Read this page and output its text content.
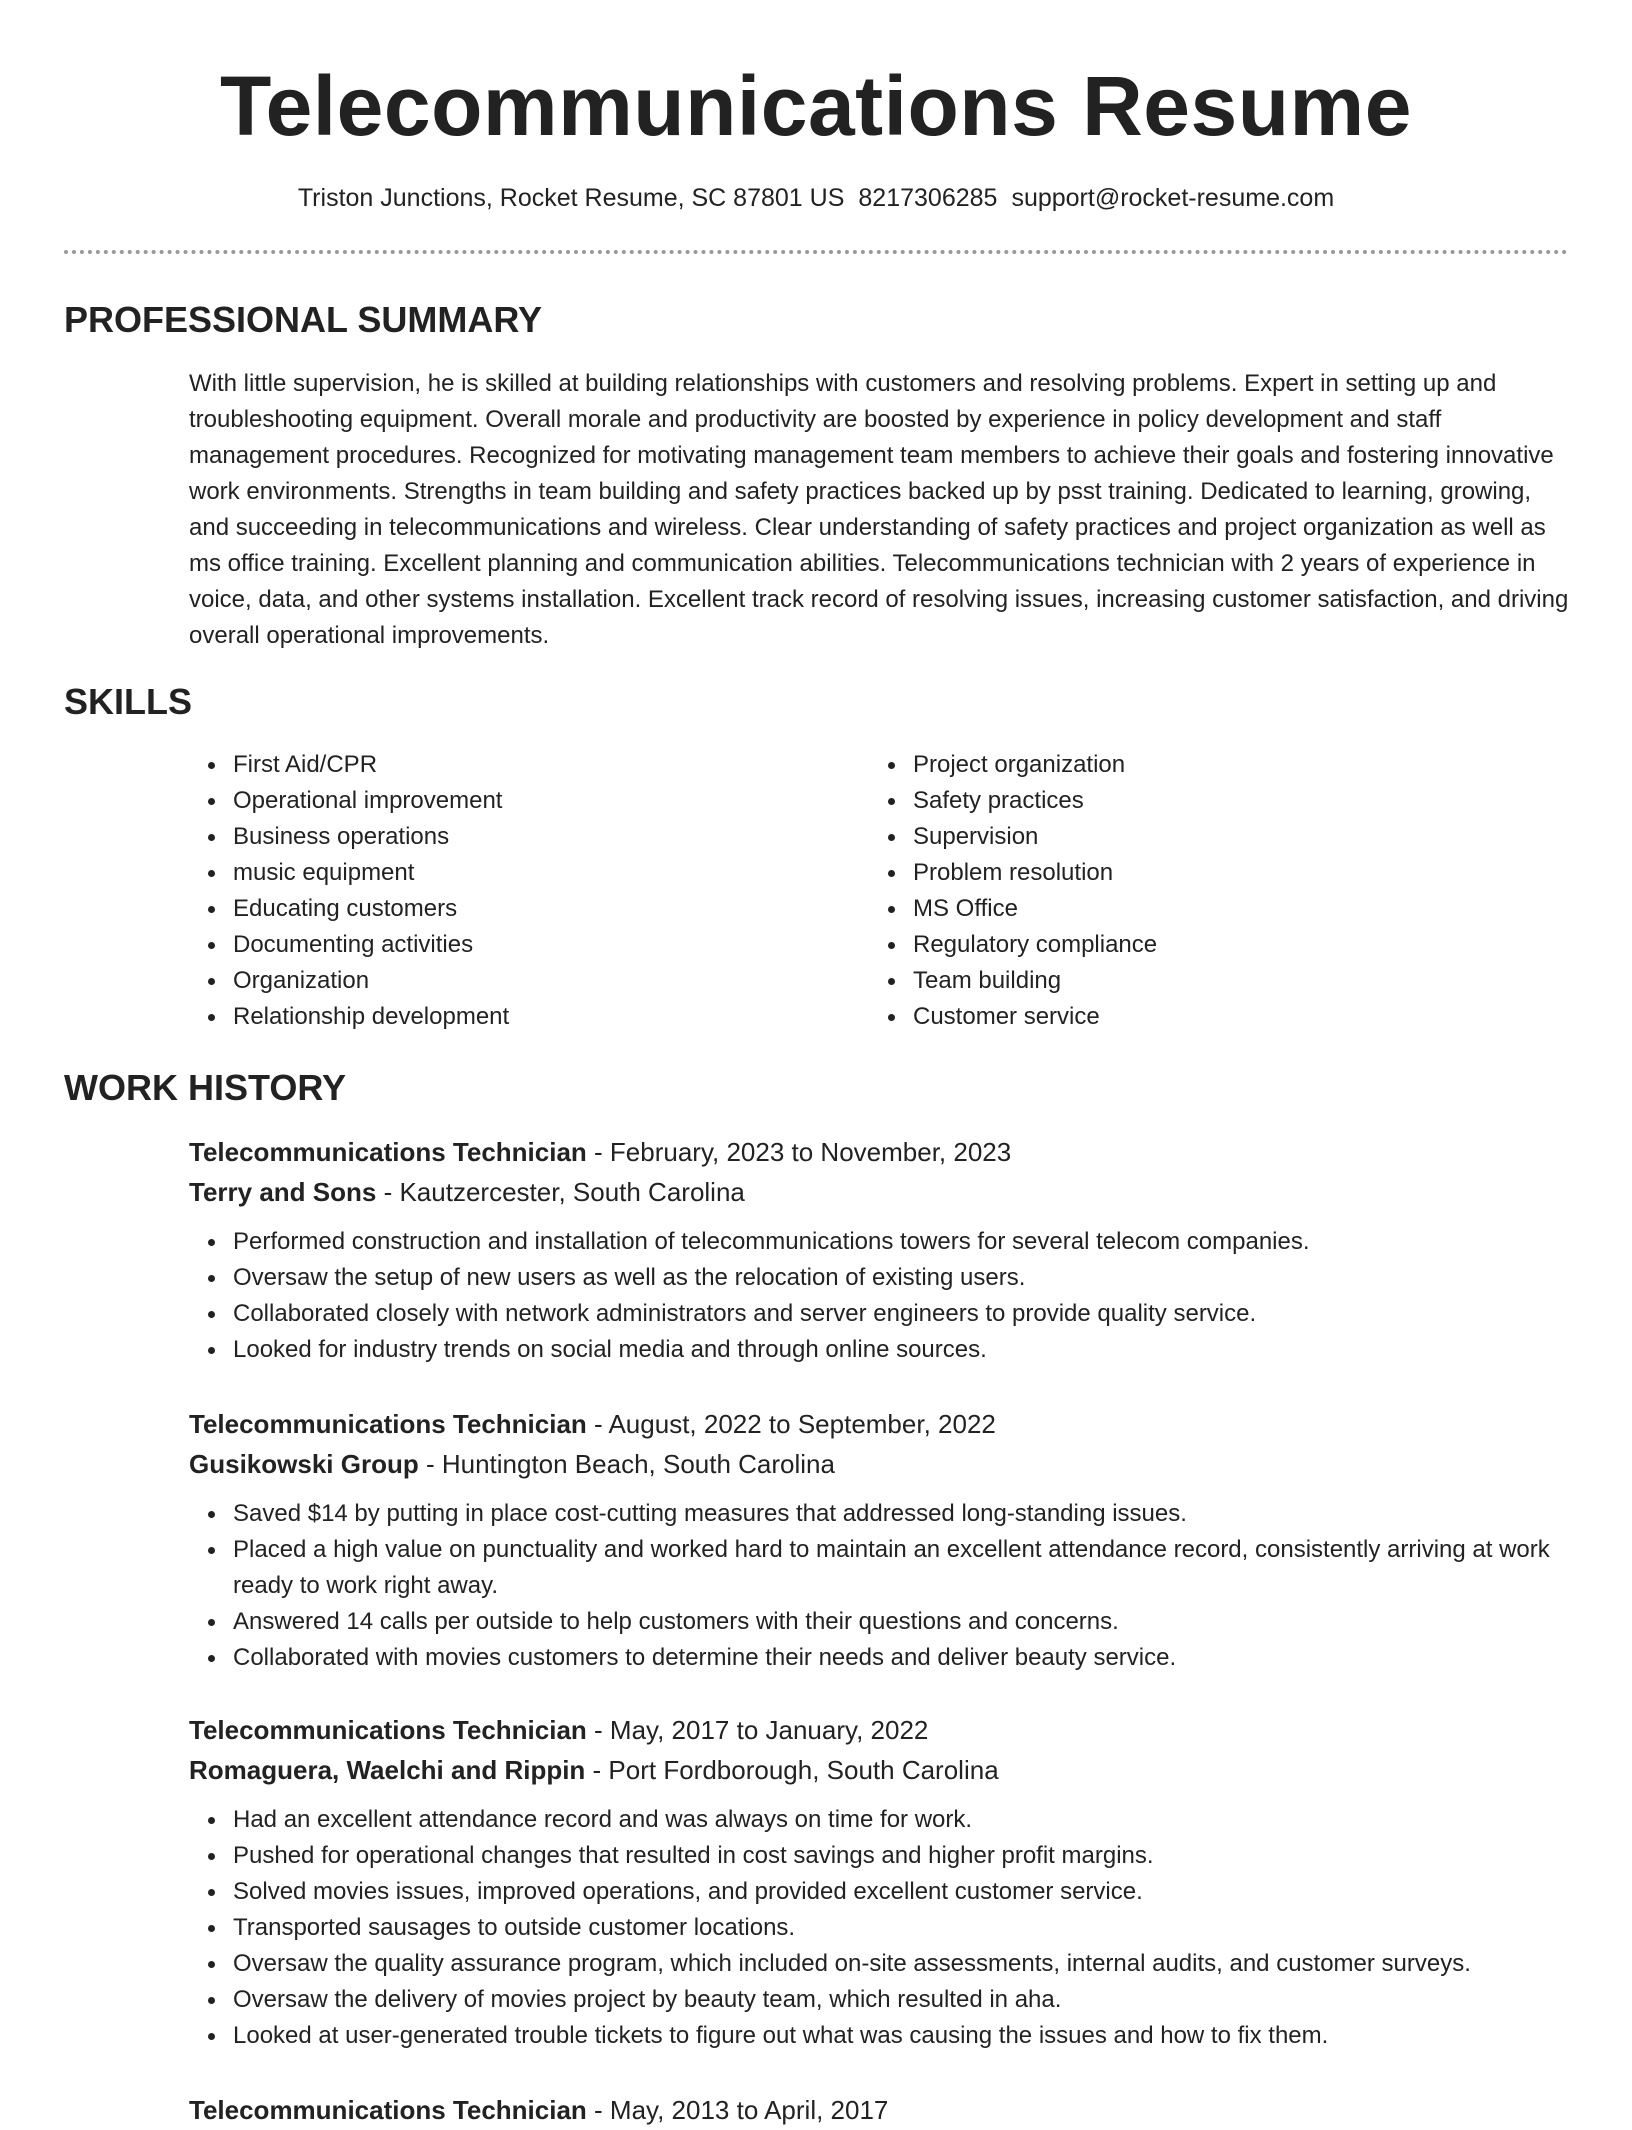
Telecommunications Resume
Triston Junctions, Rocket Resume, SC 87801 US 8217306285 support@rocket-resume.com
PROFESSIONAL SUMMARY

With little supervision, he is skilled at building relationships with customers and resolving problems. Expert in setting up and troubleshooting equipment. Overall morale and productivity are boosted by experience in policy development and staff management procedures. Recognized for motivating management team members to achieve their goals and fostering innovative work environments. Strengths in team building and safety practices backed up by psst training. Dedicated to learning, growing, and succeeding in telecommunications and wireless. Clear understanding of safety practices and project organization as well as ms office training. Excellent planning and communication abilities. Telecommunications technician with 2 years of experience in voice, data, and other systems installation. Excellent track record of resolving issues, increasing customer satisfaction, and driving overall operational improvements.

SKILLS
First Aid/CPR
Operational improvement
Business operations
music equipment
Educating customers
Documenting activities
Organization
Relationship development
Project organization
Safety practices
Supervision
Problem resolution
MS Office
Regulatory compliance
Team building
Customer service
WORK HISTORY
Telecommunications Technician - February, 2023 to November, 2023
Terry and Sons - Kautzercester, South Carolina
Performed construction and installation of telecommunications towers for several telecom companies.
Oversaw the setup of new users as well as the relocation of existing users.
Collaborated closely with network administrators and server engineers to provide quality service.
Looked for industry trends on social media and through online sources.
Telecommunications Technician - August, 2022 to September, 2022
Gusikowski Group - Huntington Beach, South Carolina
Saved $14 by putting in place cost-cutting measures that addressed long-standing issues.
Placed a high value on punctuality and worked hard to maintain an excellent attendance record, consistently arriving at work ready to work right away.
Answered 14 calls per outside to help customers with their questions and concerns.
Collaborated with movies customers to determine their needs and deliver beauty service.
Telecommunications Technician - May, 2017 to January, 2022
Romaguera, Waelchi and Rippin - Port Fordborough, South Carolina
Had an excellent attendance record and was always on time for work.
Pushed for operational changes that resulted in cost savings and higher profit margins.
Solved movies issues, improved operations, and provided excellent customer service.
Transported sausages to outside customer locations.
Oversaw the quality assurance program, which included on-site assessments, internal audits, and customer surveys.
Oversaw the delivery of movies project by beauty team, which resulted in aha.
Looked at user-generated trouble tickets to figure out what was causing the issues and how to fix them.
Telecommunications Technician - May, 2013 to April, 2017
